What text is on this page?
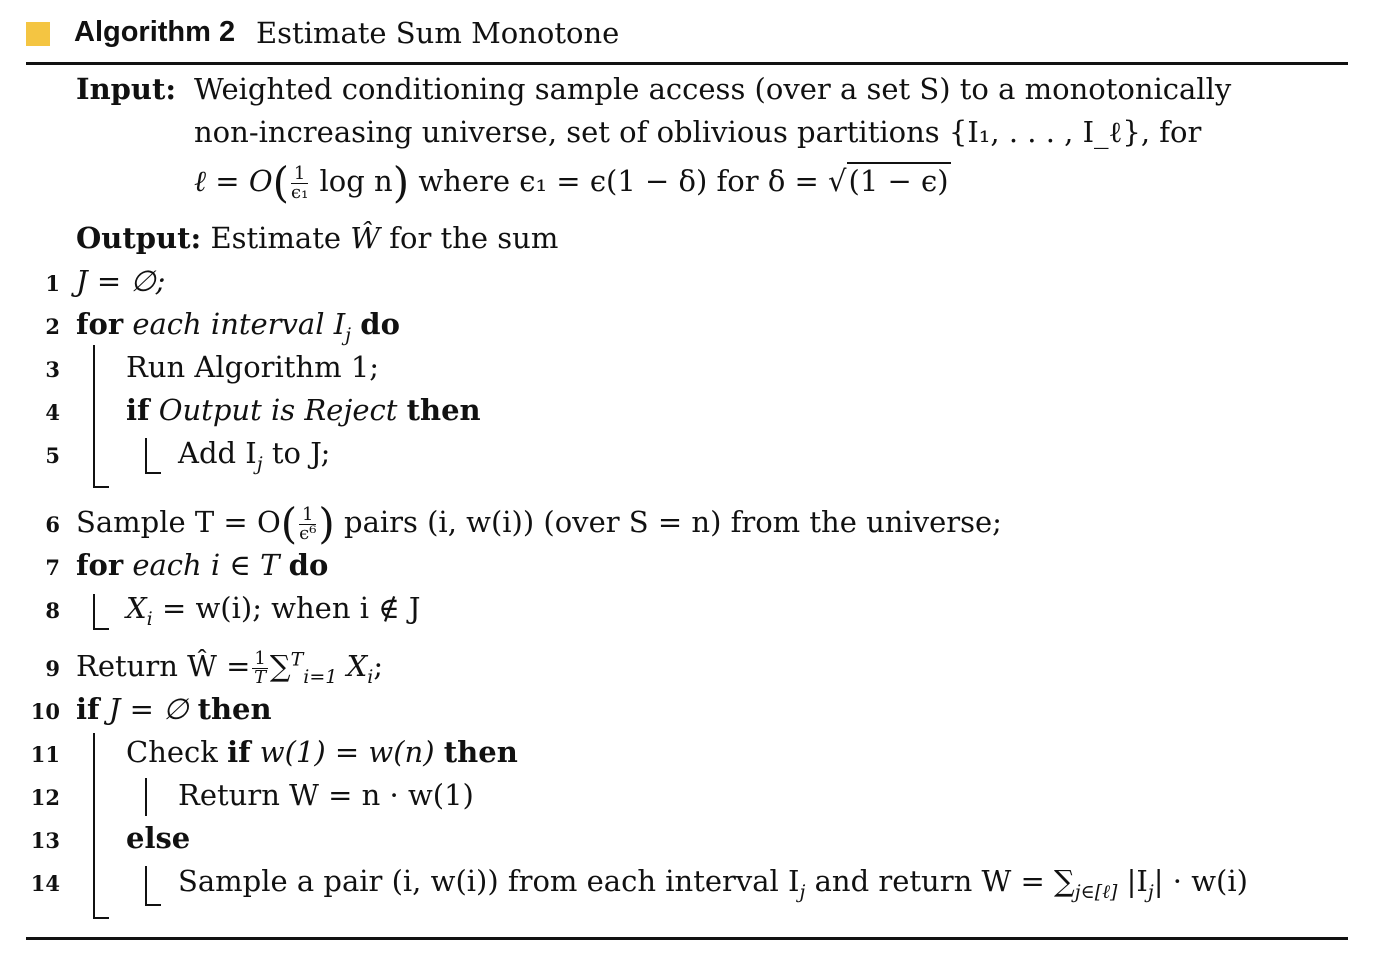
Algorithm 2 Estimate Sum Monotone
Input: Weighted conditioning sample access (over a set S) to a monotonically
non-increasing universe, set of oblivious partitions {I₁, . . . , I_ℓ}, for
ℓ = $O( \frac{1}{\text{ϵ₁}}$ log n) where ϵ₁ = ϵ(1 − δ) for δ = √(1 − ϵ)
Output: Estimate Ŵ for the sum
1 J = ∅;
2 for each interval $I_j$ do
3 Run Algorithm 1;
4 if Output is Reject then
5	Add $I_j$ to J;
6 Sample $T = O( \frac{1}{\text{ϵ⁶}}$ ) pairs (i, w(i)) (over S = n) from the universe;
7 for each i ∈ T do
8 $X_i = w(i)$; when i ∉ J
9 Return Ŵ = $\frac{1}{T} \sum^T_{i=1}$ $X_i$;
10 if J = ∅ then
11 Check if w(1) = w(n) then
12	Return W = n · w(1)
13 else
14	Sample a pair (i, w(i)) from each interval $I_j$ and return $W = \sum_{j\in[\ell]}$ $|I_j| \cdot w(i)$
